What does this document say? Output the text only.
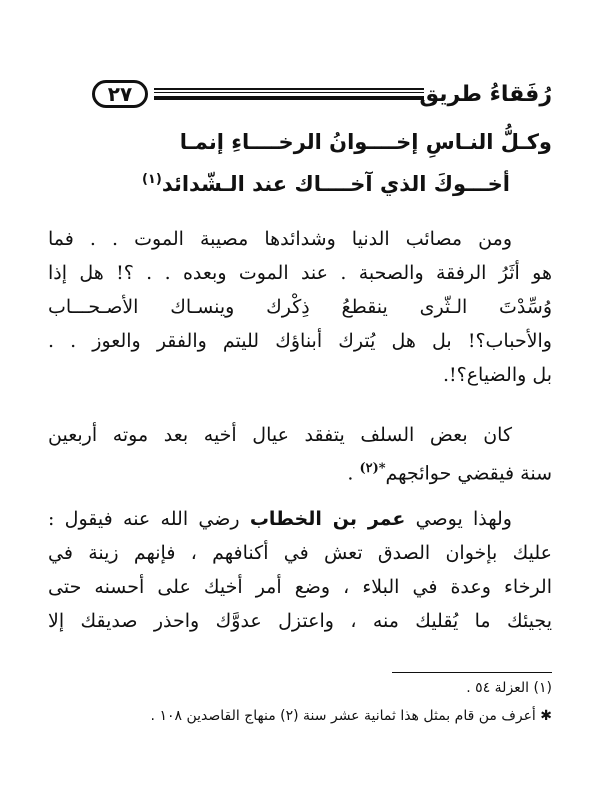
رُفَقاءُ طريق
٢٧
وكـلُّ النـاسِ إخــــوانُ الرخــــاءِ إنمـا
أخـــوكَ الذي آخــــاك عند الـشّدائد$^{(١)}$
ومن مصائب الدنيا وشدائدها مصيبة الموت . . فما
هو أثَرُ الرفقة والصحبة . عند الموت وبعده . . ؟! هل إذا
وُسِّدْتَ الـثّرى ينقطعُ ذِكْرك وينسـاك الأصـحـــاب
والأحباب؟! بل هل يُترك أبناؤك لليتم والفقر والعوز . .
بل والضياع؟!.
كان بعض السلف يتفقد عيال أخيه بعد موته أربعين
سنة فيقضي حوائجهم$^{*(٢)}$ .
ولهذا يوصي عمر بن الخطاب رضي الله عنه فيقول :
عليك بإخوان الصدق تعش في أكنافهم ، فإنهم زينة في
الرخاء وعدة في البلاء ، وضع أمر أخيك على أحسنه حتى
يجيئك ما يُقليك منه ، واعتزل عدوَّك واحذر صديقك إلا
(١) العزلة ٥٤ .
✱ أعرف من قام بمثل هذا ثمانية عشر سنة (٢) منهاج القاصدين ١٠٨ .
